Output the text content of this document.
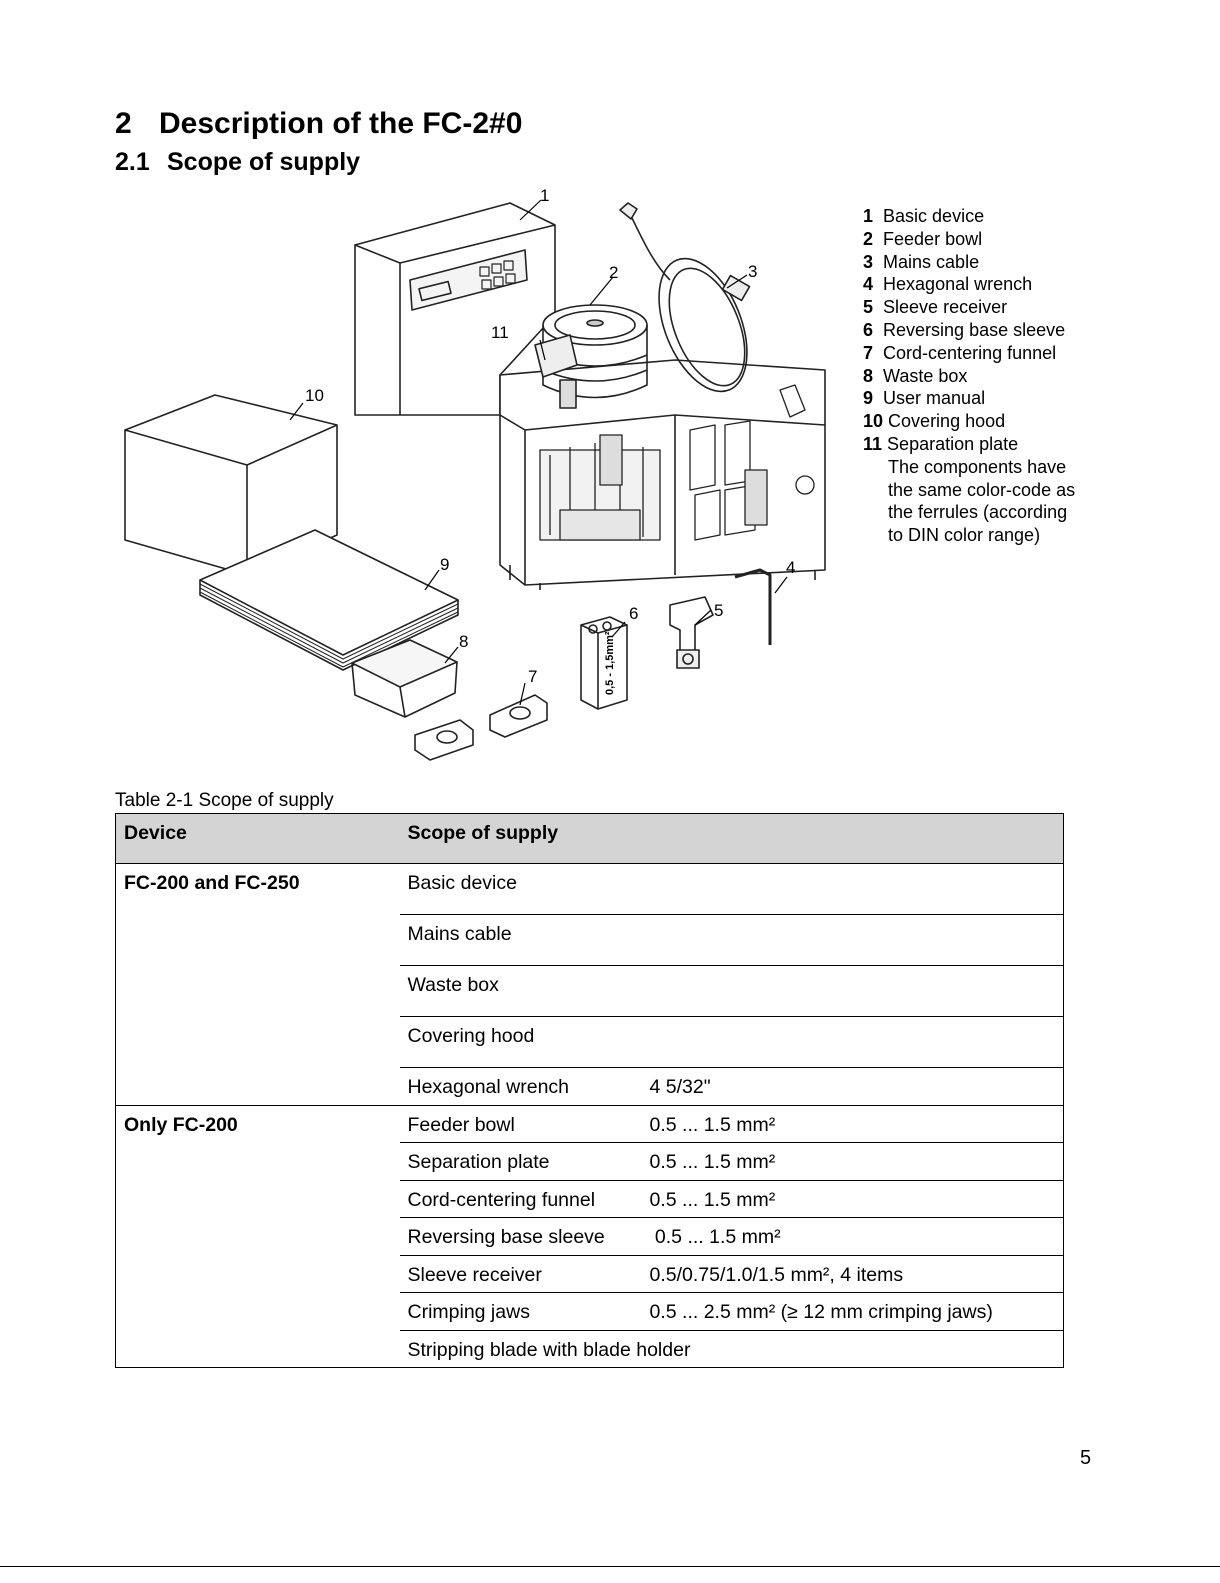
2 Description of the FC-2#0
2.1 Scope of supply
0,5 - 1,5mm²
1
2	3
4
5
6
7
8
9
10
11
1 Basic device
2 Feeder bowl
3 Mains cable
4 Hexagonal wrench
5 Sleeve receiver
6 Reversing base sleeve
7 Cord-centering funnel
8 Waste box
9 User manual
10 Covering hood
11 Separation plate
The components have
the same color-code as
the ferrules (according
to DIN color range)
Table 2-1 Scope of supply
Device	Scope of supply	
FC-200 and FC-250	Basic device	
	Mains cable	
	Waste box	
	Covering hood	
	Hexagonal wrench	4 5/32"
Only FC-200	Feeder bowl	0.5 ... 1.5 mm²
	Separation plate	0.5 ... 1.5 mm²
	Cord-centering funnel	0.5 ... 1.5 mm²
	Reversing base sleeve	0.5 ... 1.5 mm²
	Sleeve receiver	0.5/0.75/1.0/1.5 mm², 4 items
	Crimping jaws	0.5 ... 2.5 mm² (≥ 12 mm crimping jaws)
	Stripping blade with blade holder	
5
